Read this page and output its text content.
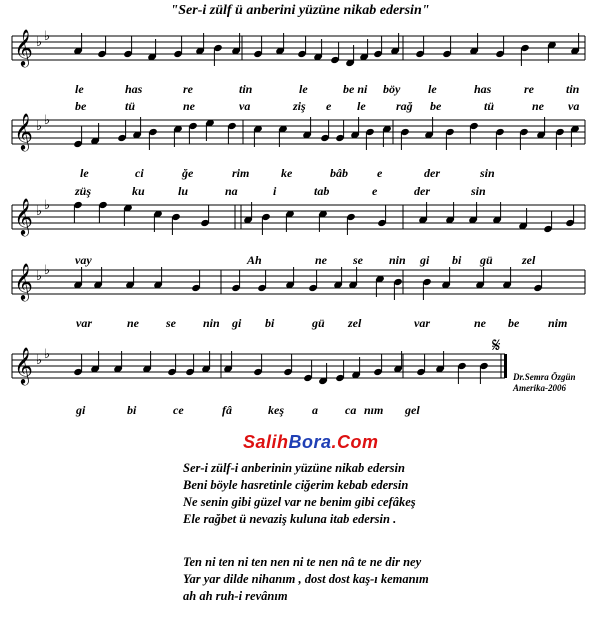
"Ser-i zülf ü anberini yüzüne nikab edersin"
𝄞 ♭ ♭
𝄞 ♭ ♭
𝄞 ♭ ♭
𝄞 ♭ ♭
𝄞 ♭ ♭	𝄋
le	has	re	tin	le	be ni böy le	has	re	tin
be	tü	ne	va	ziş e le	rağ be	tü	ne va
le	ci	ğe	rim	ke	bâb e	der	sin
züş	ku	lu	na	i	tab	e	der	sin
vay	Ah	ne se nin gi bi gü zel
var	ne se nin gi bi	gü zel	var	ne be nim
gi	bi	ce	fâ	keş a ca nım gel
Dr.Semra Özgün
Amerika-2006
SalihBora.Com
Ser-i zülf-i anberinin yüzüne nikab edersin
Beni böyle hasretinle ciğerim kebab edersin
Ne senin gibi güzel var ne benim gibi cefâkeş
Ele rağbet ü nevaziş kuluna itab edersin .
Ten ni ten ni ten nen ni te nen nâ te ne dir ney
Yar yar dilde nihanım , dost dost kaş-ı kemanım
ah ah ruh-i revânım
